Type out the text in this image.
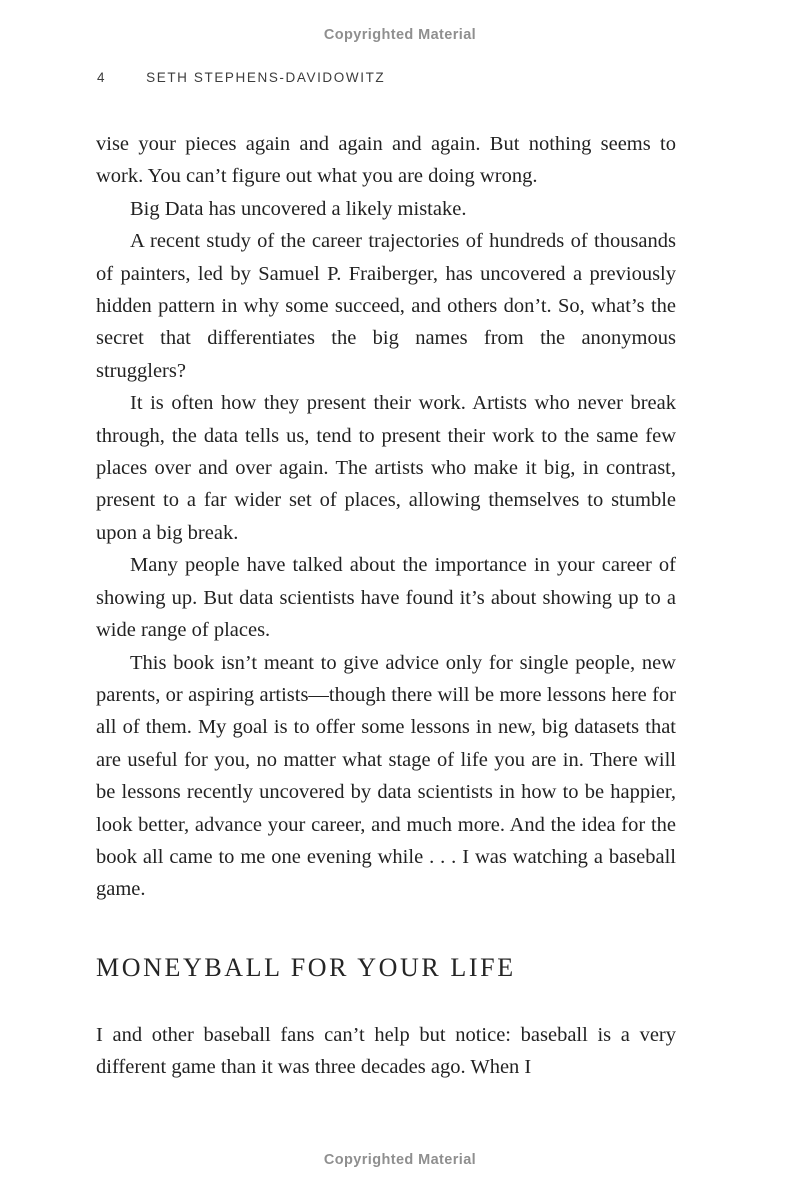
Copyrighted Material
4	SETH STEPHENS-DAVIDOWITZ

vise your pieces again and again and again. But nothing seems to work. You can’t figure out what you are doing wrong.

Big Data has uncovered a likely mistake.

A recent study of the career trajectories of hundreds of thousands of painters, led by Samuel P. Fraiberger, has uncovered a previously hidden pattern in why some succeed, and others don’t. So, what’s the secret that differentiates the big names from the anonymous strugglers?

It is often how they present their work. Artists who never break through, the data tells us, tend to present their work to the same few places over and over again. The artists who make it big, in contrast, present to a far wider set of places, allowing themselves to stumble upon a big break.

Many people have talked about the importance in your career of showing up. But data scientists have found it’s about showing up to a wide range of places.

This book isn’t meant to give advice only for single people, new parents, or aspiring artists—though there will be more lessons here for all of them. My goal is to offer some lessons in new, big datasets that are useful for you, no matter what stage of life you are in. There will be lessons recently uncovered by data scientists in how to be happier, look better, advance your career, and much more. And the idea for the book all came to me one evening while . . . I was watching a baseball game.

MONEYBALL FOR YOUR LIFE

I and other baseball fans can’t help but notice: baseball is a very different game than it was three decades ago. When I

Copyrighted Material
